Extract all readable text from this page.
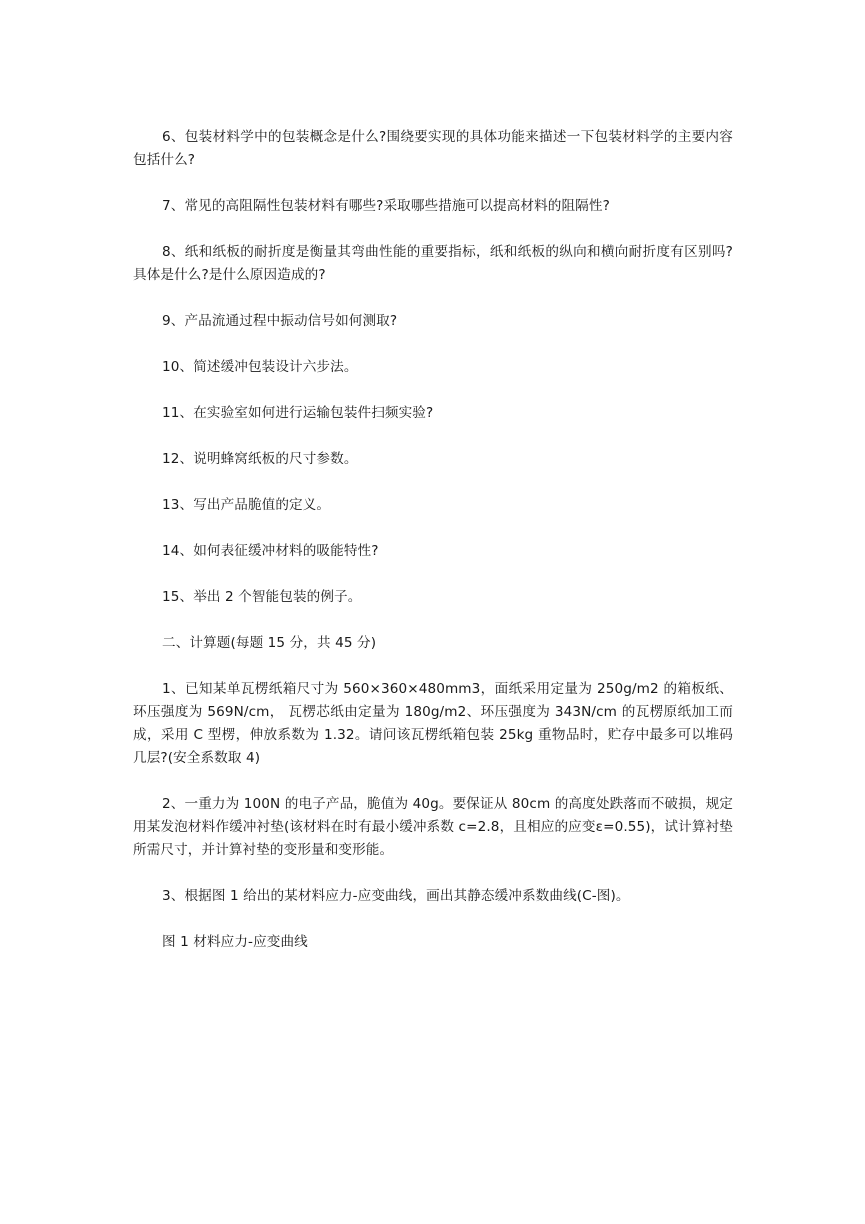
6、包装材料学中的包装概念是什么?围绕要实现的具体功能来描述一下包装材料学的主要内容包括什么?

7、常见的高阻隔性包装材料有哪些?采取哪些措施可以提高材料的阻隔性?

8、纸和纸板的耐折度是衡量其弯曲性能的重要指标，纸和纸板的纵向和横向耐折度有区别吗?具体是什么?是什么原因造成的?

9、产品流通过程中振动信号如何测取?

10、简述缓冲包装设计六步法。

11、在实验室如何进行运输包装件扫频实验?

12、说明蜂窝纸板的尺寸参数。

13、写出产品脆值的定义。

14、如何表征缓冲材料的吸能特性?

15、举出 2 个智能包装的例子。

二、计算题(每题 15 分，共 45 分)

1、已知某单瓦楞纸箱尺寸为 560×360×480mm3，面纸采用定量为 250g/m2 的箱板纸、环压强度为 569N/cm， 瓦楞芯纸由定量为 180g/m2、环压强度为 343N/cm 的瓦楞原纸加工而成，采用 C 型楞，伸放系数为 1.32。请问该瓦楞纸箱包装 25kg 重物品时，贮存中最多可以堆码几层?(安全系数取 4)

2、一重力为 100N 的电子产品，脆值为 40g。要保证从 80cm 的高度处跌落而不破损，规定用某发泡材料作缓冲衬垫(该材料在时有最小缓冲系数 c=2.8，且相应的应变ε=0.55)，试计算衬垫所需尺寸，并计算衬垫的变形量和变形能。

3、根据图 1 给出的某材料应力-应变曲线，画出其静态缓冲系数曲线(C-图)。

图 1 材料应力-应变曲线
